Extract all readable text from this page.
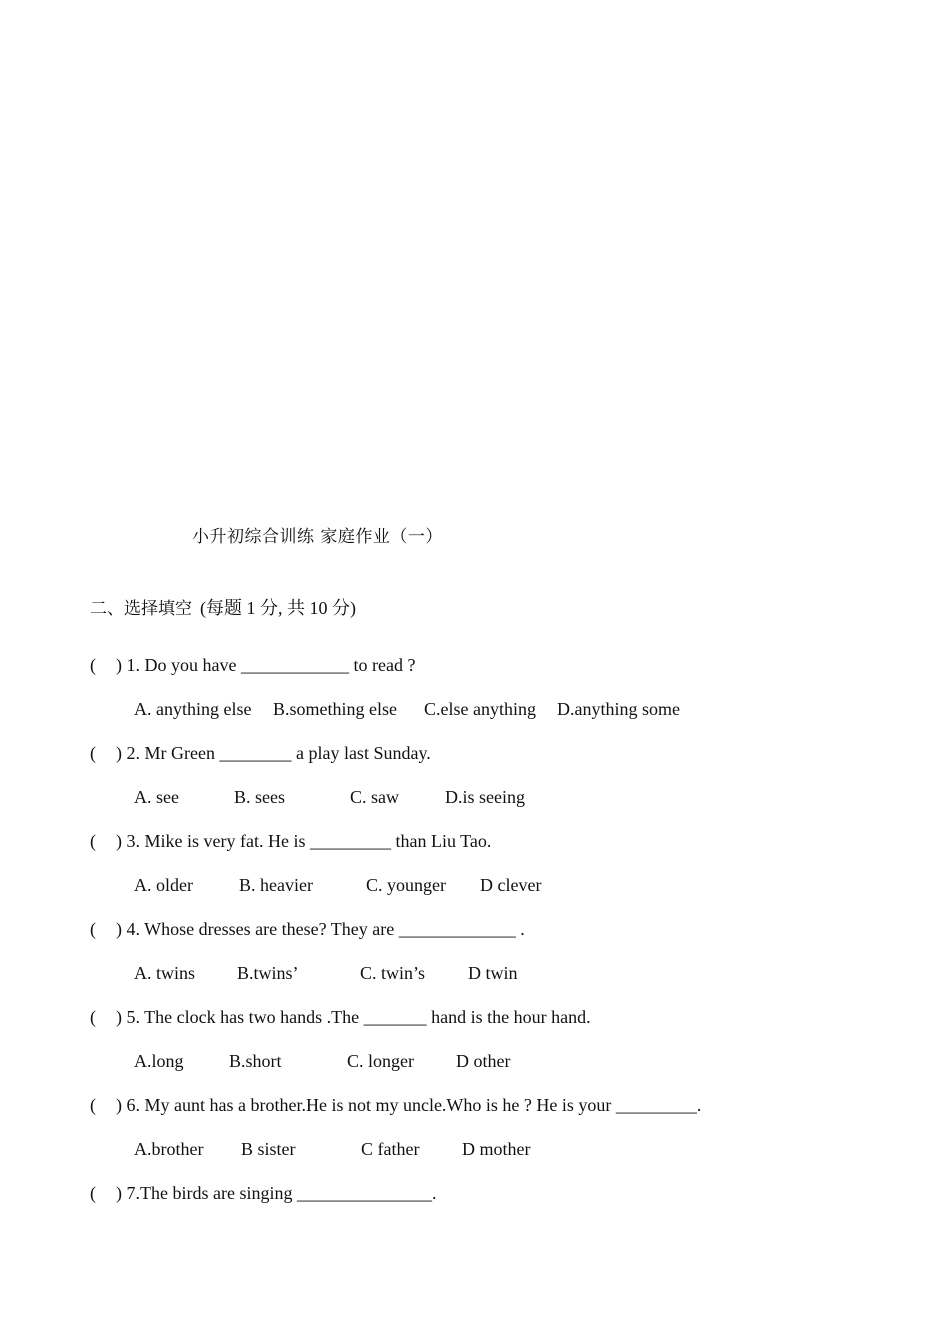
小升初综合训练 家庭作业（一）
二、选择填空 (每题 1 分, 共 10 分)
( ) 1. Do you have ____________ to read ?
A. anything else B.something else C.else anything D.anything some
( ) 2. Mr Green ________ a play last Sunday.
A. see	B. sees	C. saw	D.is seeing
( ) 3. Mike is very fat. He is _________ than Liu Tao.
A. older	B. heavier	C. younger D clever
( ) 4. Whose dresses are these? They are _____________ .
A. twins B.twins’	C. twin’s D twin
( ) 5. The clock has two hands .The _______ hand is the hour hand.
A.long	B.short	C. longer D other
( ) 6. My aunt has a brother.He is not my uncle.Who is he ? He is your _________.
A.brother B sister	C father D mother
( ) 7.The birds are singing _______________.
